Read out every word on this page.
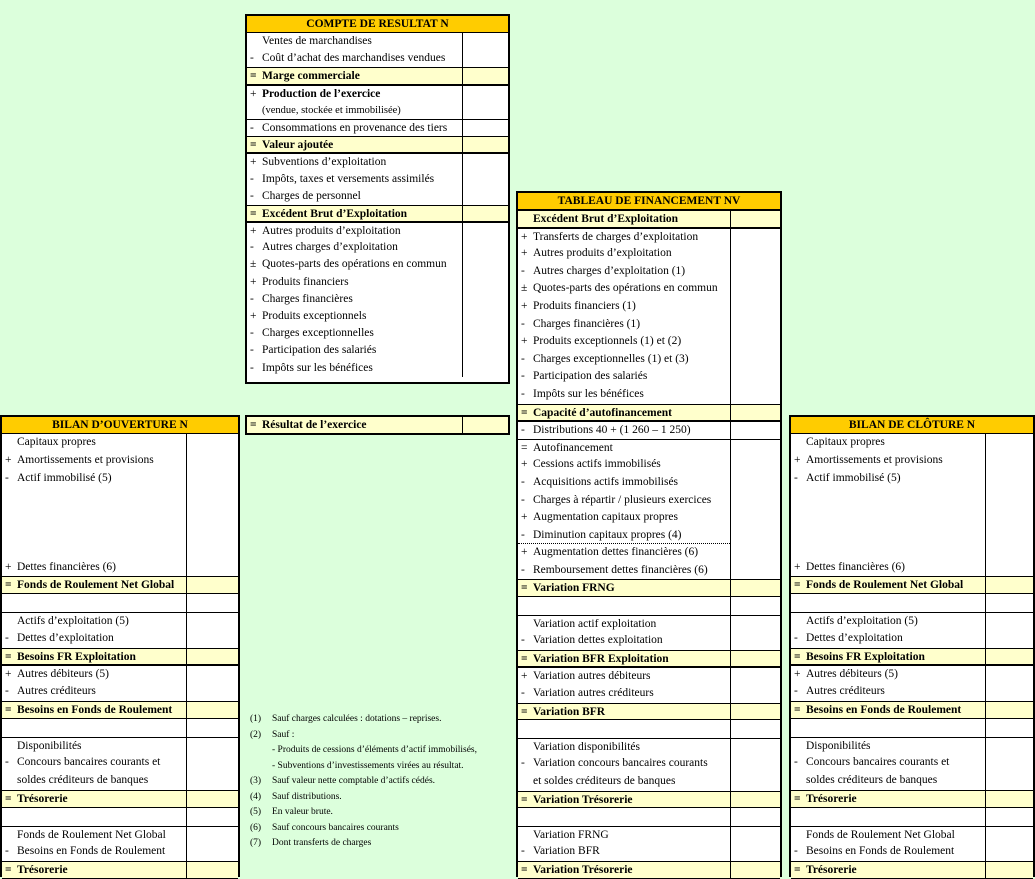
COMPTE DE RESULTAT N
Ventes de marchandises
- Coût d’achat des marchandises vendues
= Marge commerciale
+ Production de l’exercice
(vendue, stockée et immobilisée)
- Consommations en provenance des tiers
= Valeur ajoutée
+ Subventions d’exploitation
- Impôts, taxes et versements assimilés
- Charges de personnel
= Excédent Brut d’Exploitation
+ Autres produits d’exploitation
- Autres charges d’exploitation
± Quotes-parts des opérations en commun
+ Produits financiers
- Charges financières
+ Produits exceptionnels
- Charges exceptionnelles
- Participation des salariés
- Impôts sur les bénéfices
= Résultat de l’exercice
TABLEAU DE FINANCEMENT NV
Excédent Brut d’Exploitation
+ Transferts de charges d’exploitation
+ Autres produits d’exploitation
- Autres charges d’exploitation (1)
± Quotes-parts des opérations en commun
+ Produits financiers (1)
- Charges financières (1)
+ Produits exceptionnels (1) et (2)
- Charges exceptionnelles (1) et (3)
- Participation des salariés
- Impôts sur les bénéfices
= Capacité d’autofinancement
- Distributions 40 + (1 260 – 1 250)
= Autofinancement
+ Cessions actifs immobilisés
- Acquisitions actifs immobilisés
- Charges à répartir / plusieurs exercices
+ Augmentation capitaux propres
- Diminution capitaux propres (4)
+ Augmentation dettes financières (6)
- Remboursement dettes financières (6)
= Variation FRNG
Variation actif exploitation
- Variation dettes exploitation
= Variation BFR Exploitation
+ Variation autres débiteurs
- Variation autres créditeurs
= Variation BFR
Variation disponibilités
- Variation concours bancaires courants
et soldes créditeurs de banques
= Variation Trésorerie
Variation FRNG
- Variation BFR
= Variation Trésorerie
BILAN D’OUVERTURE N
Capitaux propres
+ Amortissements et provisions
- Actif immobilisé (5)
+ Dettes financières (6)
= Fonds de Roulement Net Global
Actifs d’exploitation (5)
- Dettes d’exploitation
= Besoins FR Exploitation
+ Autres débiteurs (5)
- Autres créditeurs
= Besoins en Fonds de Roulement
Disponibilités
- Concours bancaires courants et
soldes créditeurs de banques
= Trésorerie
Fonds de Roulement Net Global
- Besoins en Fonds de Roulement
= Trésorerie
BILAN DE CLÔTURE N
Capitaux propres
+ Amortissements et provisions
- Actif immobilisé (5)
+ Dettes financières (6)
= Fonds de Roulement Net Global
Actifs d’exploitation (5)
- Dettes d’exploitation
= Besoins FR Exploitation
+ Autres débiteurs (5)
- Autres créditeurs
= Besoins en Fonds de Roulement
Disponibilités
- Concours bancaires courants et
soldes créditeurs de banques
= Trésorerie
Fonds de Roulement Net Global
- Besoins en Fonds de Roulement
= Trésorerie
(1)	Sauf charges calculées : dotations – reprises.
(2)	Sauf :
- Produits de cessions d’éléments d’actif immobilisés,
- Subventions d’investissements virées au résultat.
(3)	Sauf valeur nette comptable d’actifs cédés.
(4)	Sauf distributions.
(5)	En valeur brute.
(6)	Sauf concours bancaires courants
(7)	Dont transferts de charges
